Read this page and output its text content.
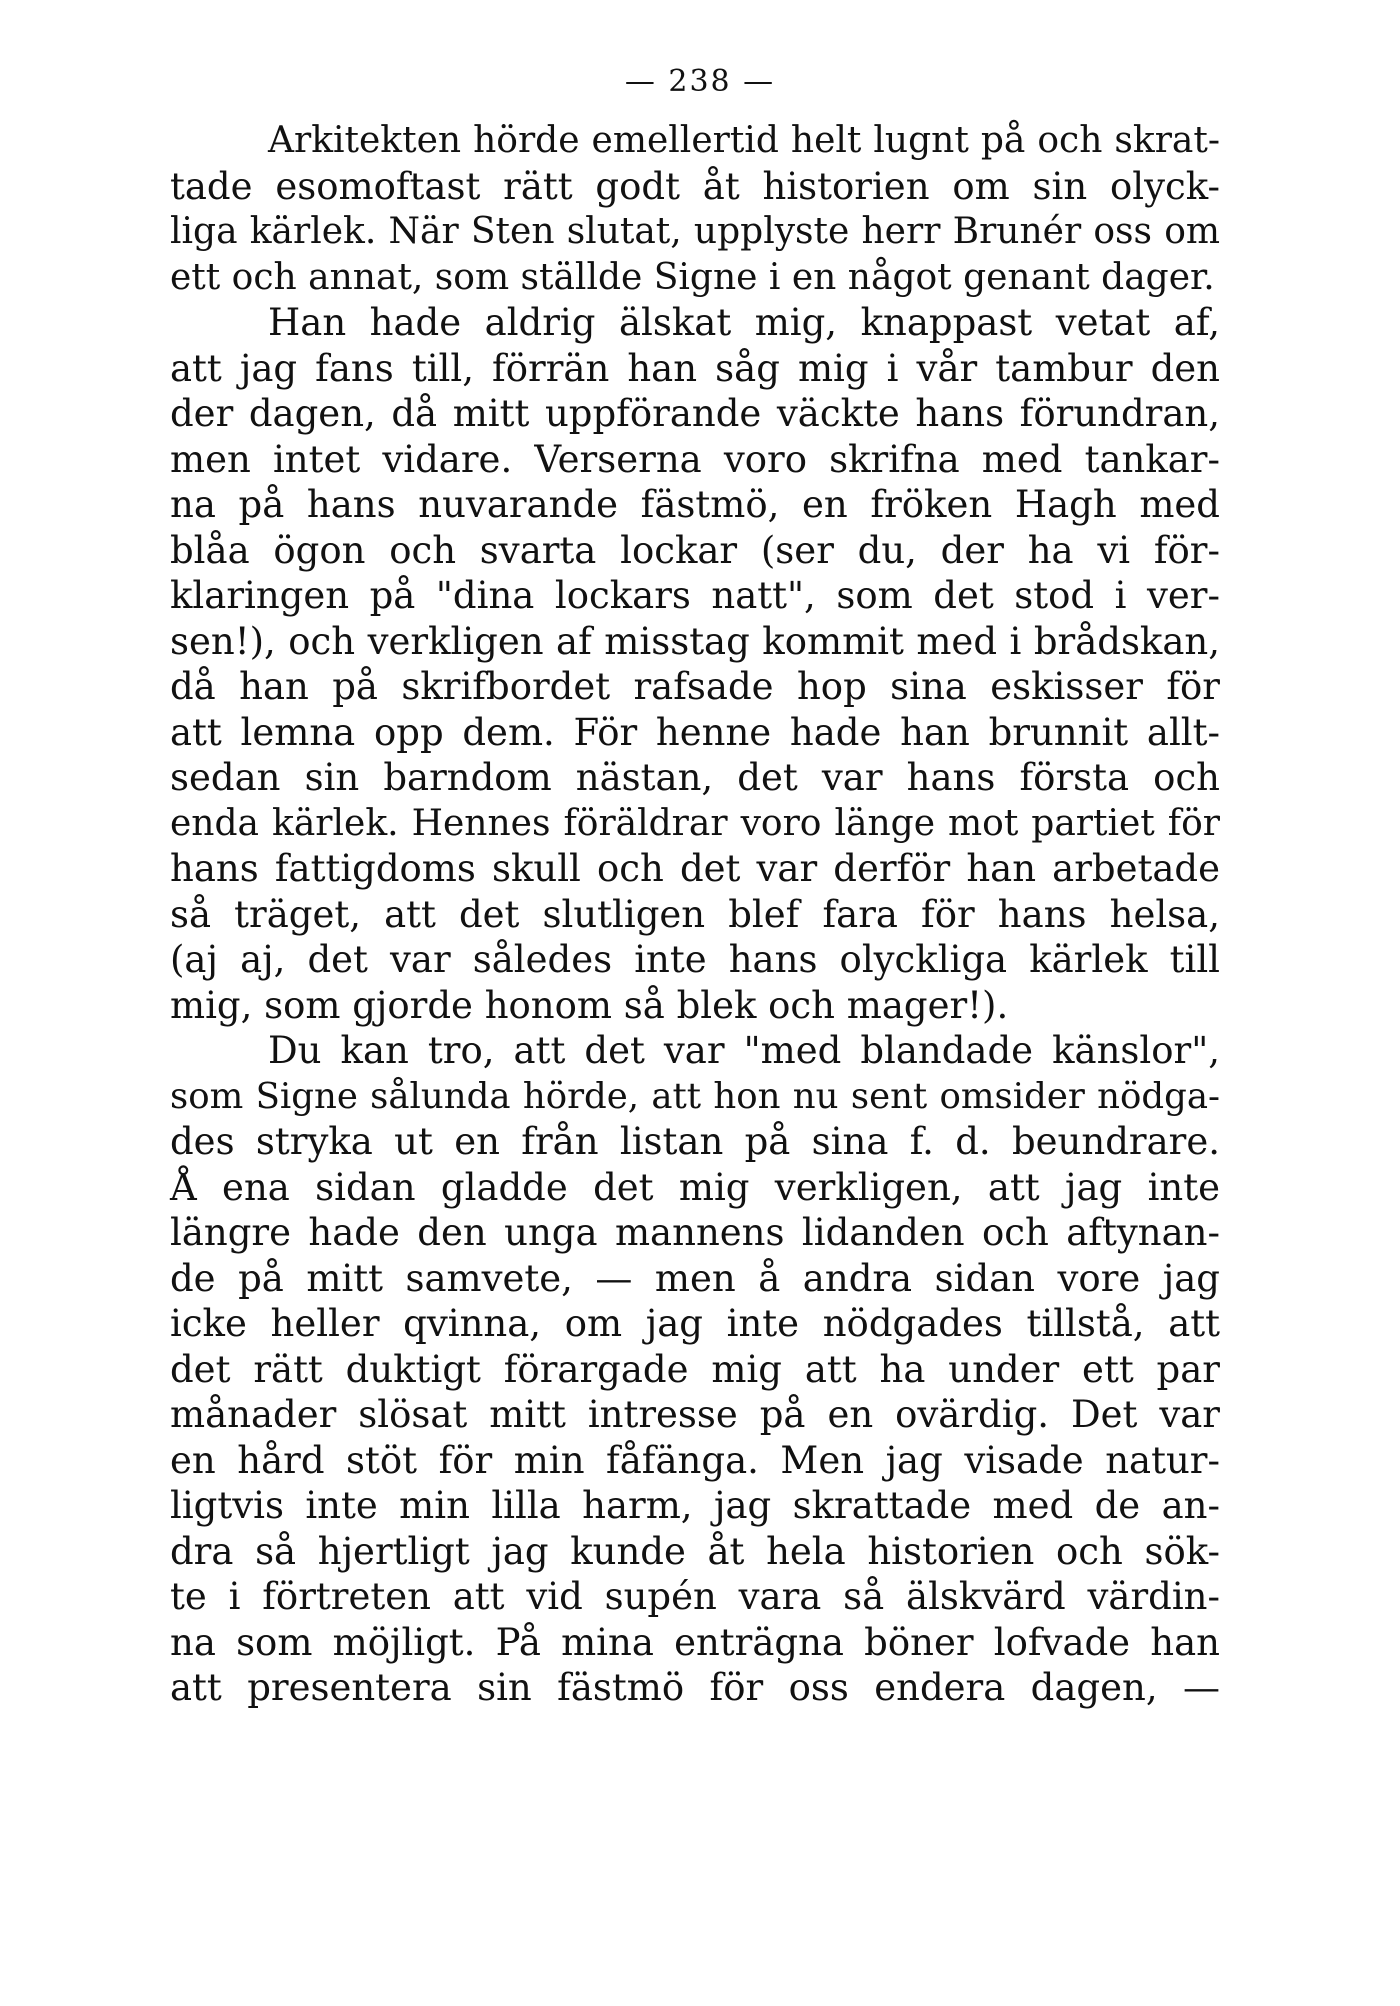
— 238 —
Arkitekten hörde emellertid helt lugnt på och skrat-
tade esomoftast rätt godt åt historien om sin olyck-
liga kärlek. När Sten slutat, upplyste herr Brunér oss om
ett och annat, som ställde Signe i en något genant dager.
Han hade aldrig älskat mig, knappast vetat af,
att jag fans till, förrän han såg mig i vår tambur den
der dagen, då mitt uppförande väckte hans förundran,
men intet vidare. Verserna voro skrifna med tankar-
na på hans nuvarande fästmö, en fröken Hagh med
blåa ögon och svarta lockar (ser du, der ha vi för-
klaringen på "dina lockars natt", som det stod i ver-
sen!), och verkligen af misstag kommit med i brådskan,
då han på skrifbordet rafsade hop sina eskisser för
att lemna opp dem. För henne hade han brunnit allt-
sedan sin barndom nästan, det var hans första och
enda kärlek. Hennes föräldrar voro länge mot partiet för
hans fattigdoms skull och det var derför han arbetade
så träget, att det slutligen blef fara för hans helsa,
(aj aj, det var således inte hans olyckliga kärlek till
mig, som gjorde honom så blek och mager!).
Du kan tro, att det var "med blandade känslor",
som Signe sålunda hörde, att hon nu sent omsider nödga-
des stryka ut en från listan på sina f. d. beundrare.
Å ena sidan gladde det mig verkligen, att jag inte
längre hade den unga mannens lidanden och aftynan-
de på mitt samvete, — men å andra sidan vore jag
icke heller qvinna, om jag inte nödgades tillstå, att
det rätt duktigt förargade mig att ha under ett par
månader slösat mitt intresse på en ovärdig. Det var
en hård stöt för min fåfänga. Men jag visade natur-
ligtvis inte min lilla harm, jag skrattade med de an-
dra så hjertligt jag kunde åt hela historien och sök-
te i förtreten att vid supén vara så älskvärd värdin-
na som möjligt. På mina enträgna böner lofvade han
att presentera sin fästmö för oss endera dagen, —
